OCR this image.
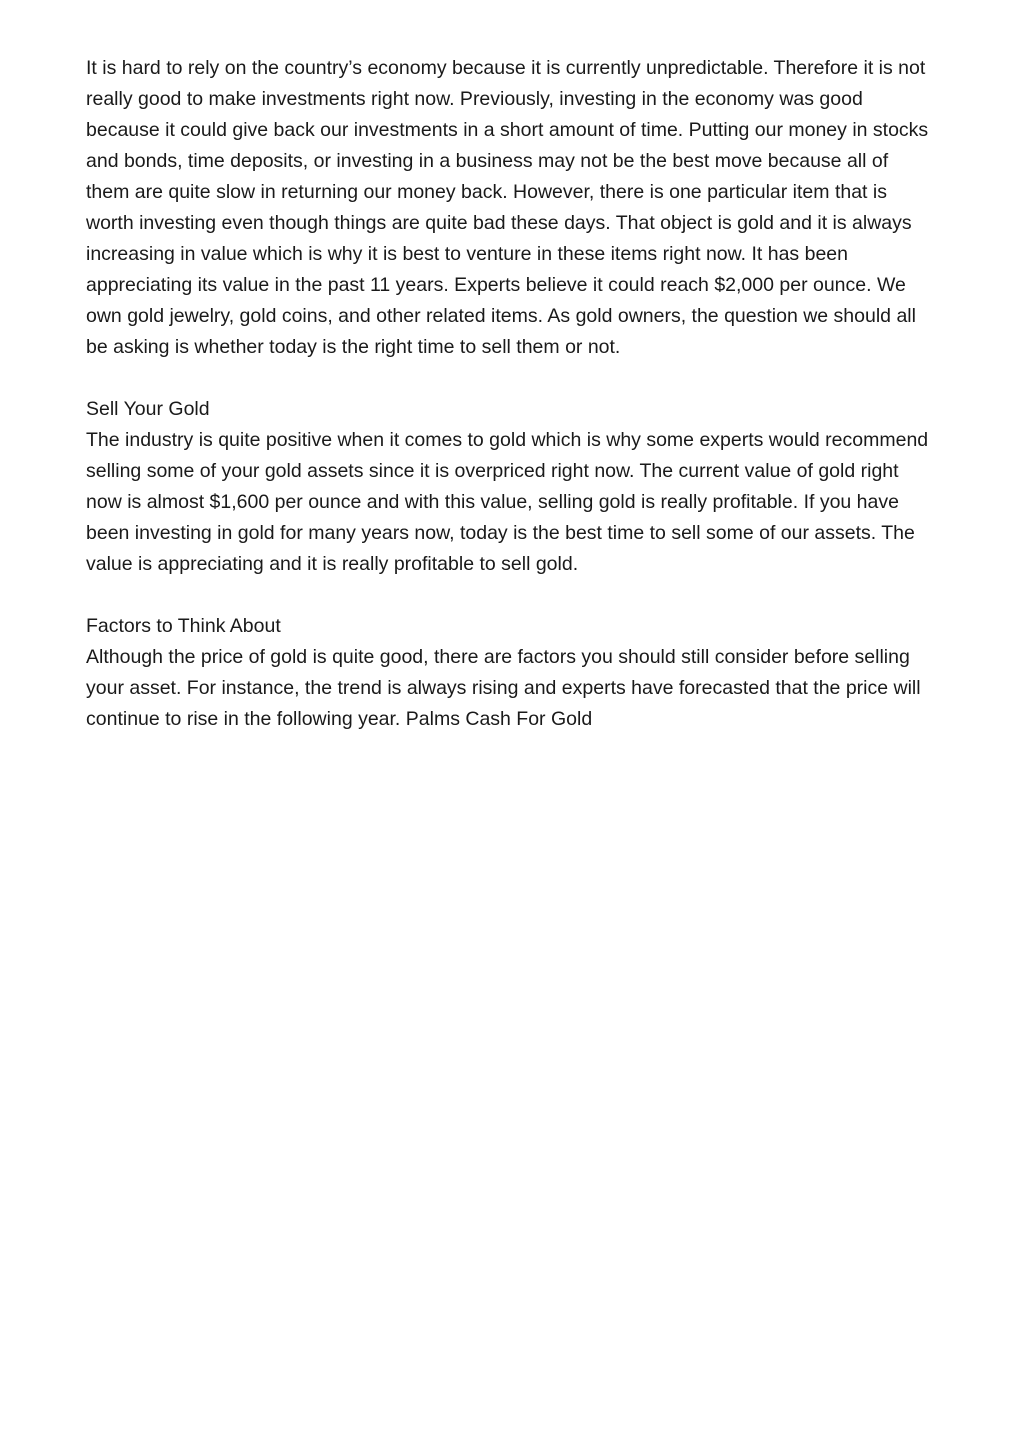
It is hard to rely on the country’s economy because it is currently unpredictable. Therefore it is not really good to make investments right now. Previously, investing in the economy was good because it could give back our investments in a short amount of time. Putting our money in stocks and bonds, time deposits, or investing in a business may not be the best move because all of them are quite slow in returning our money back. However, there is one particular item that is worth investing even though things are quite bad these days. That object is gold and it is always increasing in value which is why it is best to venture in these items right now. It has been appreciating its value in the past 11 years. Experts believe it could reach $2,000 per ounce. We own gold jewelry, gold coins, and other related items. As gold owners, the question we should all be asking is whether today is the right time to sell them or not.

Sell Your Gold

The industry is quite positive when it comes to gold which is why some experts would recommend selling some of your gold assets since it is overpriced right now. The current value of gold right now is almost $1,600 per ounce and with this value, selling gold is really profitable. If you have been investing in gold for many years now, today is the best time to sell some of our assets. The value is appreciating and it is really profitable to sell gold.

Factors to Think About

Although the price of gold is quite good, there are factors you should still consider before selling your asset. For instance, the trend is always rising and experts have forecasted that the price will continue to rise in the following year. Palms Cash For Gold
